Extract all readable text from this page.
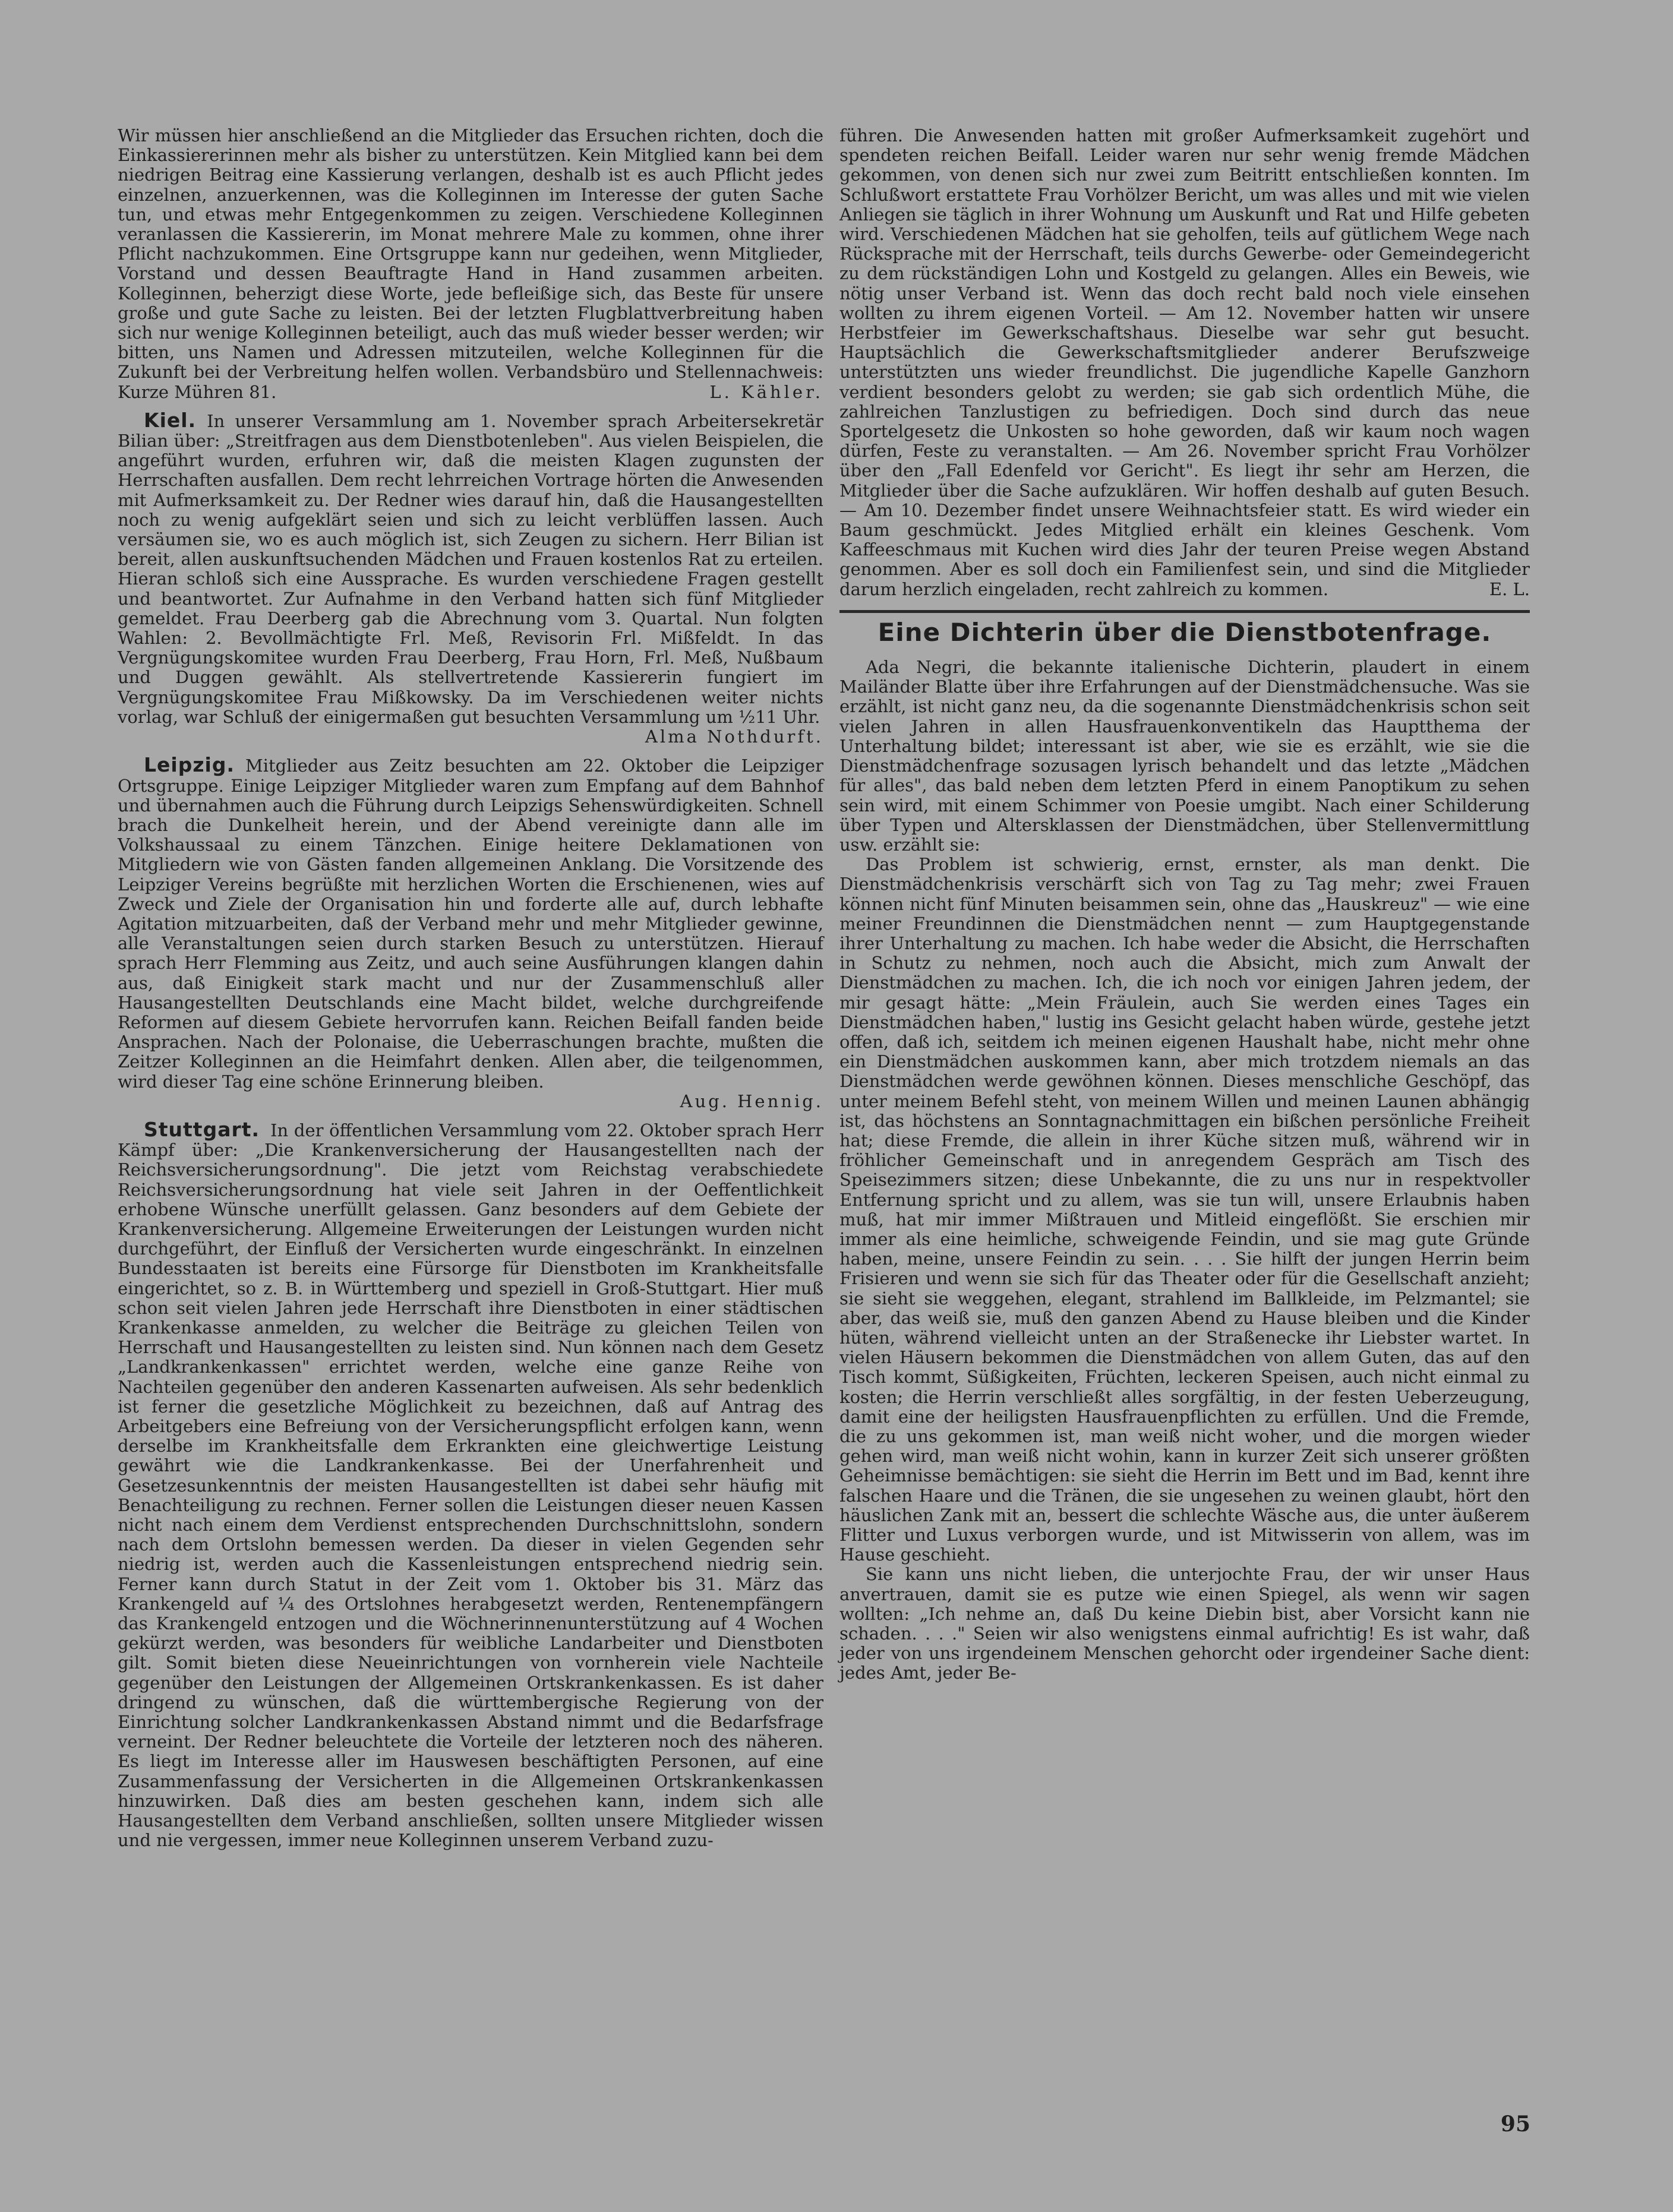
Wir müssen hier anschließend an die Mitglieder das Ersuchen richten, doch die Einkassiererinnen mehr als bisher zu unterstützen. Kein Mitglied kann bei dem niedrigen Beitrag eine Kassierung verlangen, deshalb ist es auch Pflicht jedes einzelnen, anzuerkennen, was die Kolleginnen im Interesse der guten Sache tun, und etwas mehr Entgegenkommen zu zeigen. Verschiedene Kolleginnen veranlassen die Kassiererin, im Monat mehrere Male zu kommen, ohne ihrer Pflicht nachzukommen. Eine Ortsgruppe kann nur gedeihen, wenn Mitglieder, Vorstand und dessen Beauftragte Hand in Hand zusammen arbeiten. Kolleginnen, beherzigt diese Worte, jede befleißige sich, das Beste für unsere große und gute Sache zu leisten. Bei der letzten Flugblattverbreitung haben sich nur wenige Kolleginnen beteiligt, auch das muß wieder besser werden; wir bitten, uns Namen und Adressen mitzuteilen, welche Kolleginnen für die Zukunft bei der Verbreitung helfen wollen. Verbandsbüro und Stellennachweis: Kurze Mühren 81.	L. Kähler.

Kiel. In unserer Versammlung am 1. November sprach Arbeitersekretär Bilian über: „Streitfragen aus dem Dienstbotenleben". Aus vielen Beispielen, die angeführt wurden, erfuhren wir, daß die meisten Klagen zugunsten der Herrschaften ausfallen. Dem recht lehrreichen Vortrage hörten die Anwesenden mit Aufmerksamkeit zu. Der Redner wies darauf hin, daß die Hausangestellten noch zu wenig aufgeklärt seien und sich zu leicht verblüffen lassen. Auch versäumen sie, wo es auch möglich ist, sich Zeugen zu sichern. Herr Bilian ist bereit, allen auskunftsuchenden Mädchen und Frauen kostenlos Rat zu erteilen. Hieran schloß sich eine Aussprache. Es wurden verschiedene Fragen gestellt und beantwortet. Zur Aufnahme in den Verband hatten sich fünf Mitglieder gemeldet. Frau Deerberg gab die Abrechnung vom 3. Quartal. Nun folgten Wahlen: 2. Bevollmächtigte Frl. Meß, Revisorin Frl. Mißfeldt. In das Vergnügungskomitee wurden Frau Deerberg, Frau Horn, Frl. Meß, Nußbaum und Duggen gewählt. Als stellvertretende Kassiererin fungiert im Vergnügungskomitee Frau Mißkowsky. Da im Verschiedenen weiter nichts vorlag, war Schluß der einigermaßen gut besuchten Versammlung um ½11 Uhr.

Alma Nothdurft.

Leipzig. Mitglieder aus Zeitz besuchten am 22. Oktober die Leipziger Ortsgruppe. Einige Leipziger Mitglieder waren zum Empfang auf dem Bahnhof und übernahmen auch die Führung durch Leipzigs Sehenswürdigkeiten. Schnell brach die Dunkelheit herein, und der Abend vereinigte dann alle im Volkshaussaal zu einem Tänzchen. Einige heitere Deklamationen von Mitgliedern wie von Gästen fanden allgemeinen Anklang. Die Vorsitzende des Leipziger Vereins begrüßte mit herzlichen Worten die Erschienenen, wies auf Zweck und Ziele der Organisation hin und forderte alle auf, durch lebhafte Agitation mitzuarbeiten, daß der Verband mehr und mehr Mitglieder gewinne, alle Veranstaltungen seien durch starken Besuch zu unterstützen. Hierauf sprach Herr Flemming aus Zeitz, und auch seine Ausführungen klangen dahin aus, daß Einigkeit stark macht und nur der Zusammenschluß aller Hausangestellten Deutschlands eine Macht bildet, welche durchgreifende Reformen auf diesem Gebiete hervorrufen kann. Reichen Beifall fanden beide Ansprachen. Nach der Polonaise, die Ueberraschungen brachte, mußten die Zeitzer Kolleginnen an die Heimfahrt denken. Allen aber, die teilgenommen, wird dieser Tag eine schöne Erinnerung bleiben.

Aug. Hennig.

Stuttgart. In der öffentlichen Versammlung vom 22. Oktober sprach Herr Kämpf über: „Die Krankenversicherung der Hausangestellten nach der Reichsversicherungsordnung". Die jetzt vom Reichstag verabschiedete Reichsversicherungsordnung hat viele seit Jahren in der Oeffentlichkeit erhobene Wünsche unerfüllt gelassen. Ganz besonders auf dem Gebiete der Krankenversicherung. Allgemeine Erweiterungen der Leistungen wurden nicht durchgeführt, der Einfluß der Versicherten wurde eingeschränkt. In einzelnen Bundesstaaten ist bereits eine Fürsorge für Dienstboten im Krankheitsfalle eingerichtet, so z. B. in Württemberg und speziell in Groß-Stuttgart. Hier muß schon seit vielen Jahren jede Herrschaft ihre Dienstboten in einer städtischen Krankenkasse anmelden, zu welcher die Beiträge zu gleichen Teilen von Herrschaft und Hausangestellten zu leisten sind. Nun können nach dem Gesetz „Landkrankenkassen" errichtet werden, welche eine ganze Reihe von Nachteilen gegenüber den anderen Kassenarten aufweisen. Als sehr bedenklich ist ferner die gesetzliche Möglichkeit zu bezeichnen, daß auf Antrag des Arbeitgebers eine Befreiung von der Versicherungspflicht erfolgen kann, wenn derselbe im Krankheitsfalle dem Erkrankten eine gleichwertige Leistung gewährt wie die Landkrankenkasse. Bei der Unerfahrenheit und Gesetzesunkenntnis der meisten Hausangestellten ist dabei sehr häufig mit Benachteiligung zu rechnen. Ferner sollen die Leistungen dieser neuen Kassen nicht nach einem dem Verdienst entsprechenden Durchschnittslohn, sondern nach dem Ortslohn bemessen werden. Da dieser in vielen Gegenden sehr niedrig ist, werden auch die Kassenleistungen entsprechend niedrig sein. Ferner kann durch Statut in der Zeit vom 1. Oktober bis 31. März das Krankengeld auf ¼ des Ortslohnes herabgesetzt werden, Rentenempfängern das Krankengeld entzogen und die Wöchnerinnenunterstützung auf 4 Wochen gekürzt werden, was besonders für weibliche Landarbeiter und Dienstboten gilt. Somit bieten diese Neueinrichtungen von vornherein viele Nachteile gegenüber den Leistungen der Allgemeinen Ortskrankenkassen. Es ist daher dringend zu wünschen, daß die württembergische Regierung von der Einrichtung solcher Landkrankenkassen Abstand nimmt und die Bedarfsfrage verneint. Der Redner beleuchtete die Vorteile der letzteren noch des näheren. Es liegt im Interesse aller im Hauswesen beschäftigten Personen, auf eine Zusammenfassung der Versicherten in die Allgemeinen Ortskrankenkassen hinzuwirken. Daß dies am besten geschehen kann, indem sich alle Hausangestellten dem Verband anschließen, sollten unsere Mitglieder wissen und nie vergessen, immer neue Kolleginnen unserem Verband zuzu-

führen. Die Anwesenden hatten mit großer Aufmerksamkeit zugehört und spendeten reichen Beifall. Leider waren nur sehr wenig fremde Mädchen gekommen, von denen sich nur zwei zum Beitritt entschließen konnten. Im Schlußwort erstattete Frau Vorhölzer Bericht, um was alles und mit wie vielen Anliegen sie täglich in ihrer Wohnung um Auskunft und Rat und Hilfe gebeten wird. Verschiedenen Mädchen hat sie geholfen, teils auf gütlichem Wege nach Rücksprache mit der Herrschaft, teils durchs Gewerbe- oder Gemeindegericht zu dem rückständigen Lohn und Kostgeld zu gelangen. Alles ein Beweis, wie nötig unser Verband ist. Wenn das doch recht bald noch viele einsehen wollten zu ihrem eigenen Vorteil. — Am 12. November hatten wir unsere Herbstfeier im Gewerkschaftshaus. Dieselbe war sehr gut besucht. Hauptsächlich die Gewerkschaftsmitglieder anderer Berufszweige unterstützten uns wieder freundlichst. Die jugendliche Kapelle Ganzhorn verdient besonders gelobt zu werden; sie gab sich ordentlich Mühe, die zahlreichen Tanzlustigen zu befriedigen. Doch sind durch das neue Sportelgesetz die Unkosten so hohe geworden, daß wir kaum noch wagen dürfen, Feste zu veranstalten. — Am 26. November spricht Frau Vorhölzer über den „Fall Edenfeld vor Gericht". Es liegt ihr sehr am Herzen, die Mitglieder über die Sache aufzuklären. Wir hoffen deshalb auf guten Besuch. — Am 10. Dezember findet unsere Weihnachtsfeier statt. Es wird wieder ein Baum geschmückt. Jedes Mitglied erhält ein kleines Geschenk. Vom Kaffeeschmaus mit Kuchen wird dies Jahr der teuren Preise wegen Abstand genommen. Aber es soll doch ein Familienfest sein, und sind die Mitglieder darum herzlich eingeladen, recht zahlreich zu kommen.	E. L.

Eine Dichterin über die Dienstbotenfrage.

Ada Negri, die bekannte italienische Dichterin, plaudert in einem Mailänder Blatte über ihre Erfahrungen auf der Dienstmädchensuche. Was sie erzählt, ist nicht ganz neu, da die sogenannte Dienstmädchenkrisis schon seit vielen Jahren in allen Hausfrauenkonventikeln das Hauptthema der Unterhaltung bildet; interessant ist aber, wie sie es erzählt, wie sie die Dienstmädchenfrage sozusagen lyrisch behandelt und das letzte „Mädchen für alles", das bald neben dem letzten Pferd in einem Panoptikum zu sehen sein wird, mit einem Schimmer von Poesie umgibt. Nach einer Schilderung über Typen und Altersklassen der Dienstmädchen, über Stellenvermittlung usw. erzählt sie:

Das Problem ist schwierig, ernst, ernster, als man denkt. Die Dienstmädchenkrisis verschärft sich von Tag zu Tag mehr; zwei Frauen können nicht fünf Minuten beisammen sein, ohne das „Hauskreuz" — wie eine meiner Freundinnen die Dienstmädchen nennt — zum Hauptgegenstande ihrer Unterhaltung zu machen. Ich habe weder die Absicht, die Herrschaften in Schutz zu nehmen, noch auch die Absicht, mich zum Anwalt der Dienstmädchen zu machen. Ich, die ich noch vor einigen Jahren jedem, der mir gesagt hätte: „Mein Fräulein, auch Sie werden eines Tages ein Dienstmädchen haben," lustig ins Gesicht gelacht haben würde, gestehe jetzt offen, daß ich, seitdem ich meinen eigenen Haushalt habe, nicht mehr ohne ein Dienstmädchen auskommen kann, aber mich trotzdem niemals an das Dienstmädchen werde gewöhnen können. Dieses menschliche Geschöpf, das unter meinem Befehl steht, von meinem Willen und meinen Launen abhängig ist, das höchstens an Sonntagnachmittagen ein bißchen persönliche Freiheit hat; diese Fremde, die allein in ihrer Küche sitzen muß, während wir in fröhlicher Gemeinschaft und in anregendem Gespräch am Tisch des Speisezimmers sitzen; diese Unbekannte, die zu uns nur in respektvoller Entfernung spricht und zu allem, was sie tun will, unsere Erlaubnis haben muß, hat mir immer Mißtrauen und Mitleid eingeflößt. Sie erschien mir immer als eine heimliche, schweigende Feindin, und sie mag gute Gründe haben, meine, unsere Feindin zu sein. . . . Sie hilft der jungen Herrin beim Frisieren und wenn sie sich für das Theater oder für die Gesellschaft anzieht; sie sieht sie weggehen, elegant, strahlend im Ballkleide, im Pelzmantel; sie aber, das weiß sie, muß den ganzen Abend zu Hause bleiben und die Kinder hüten, während vielleicht unten an der Straßenecke ihr Liebster wartet. In vielen Häusern bekommen die Dienstmädchen von allem Guten, das auf den Tisch kommt, Süßigkeiten, Früchten, leckeren Speisen, auch nicht einmal zu kosten; die Herrin verschließt alles sorgfältig, in der festen Ueberzeugung, damit eine der heiligsten Hausfrauenpflichten zu erfüllen. Und die Fremde, die zu uns gekommen ist, man weiß nicht woher, und die morgen wieder gehen wird, man weiß nicht wohin, kann in kurzer Zeit sich unserer größten Geheimnisse bemächtigen: sie sieht die Herrin im Bett und im Bad, kennt ihre falschen Haare und die Tränen, die sie ungesehen zu weinen glaubt, hört den häuslichen Zank mit an, bessert die schlechte Wäsche aus, die unter äußerem Flitter und Luxus verborgen wurde, und ist Mitwisserin von allem, was im Hause geschieht.

Sie kann uns nicht lieben, die unterjochte Frau, der wir unser Haus anvertrauen, damit sie es putze wie einen Spiegel, als wenn wir sagen wollten: „Ich nehme an, daß Du keine Diebin bist, aber Vorsicht kann nie schaden. . . ." Seien wir also wenigstens einmal aufrichtig! Es ist wahr, daß jeder von uns irgendeinem Menschen gehorcht oder irgendeiner Sache dient: jedes Amt, jeder Be-

95
